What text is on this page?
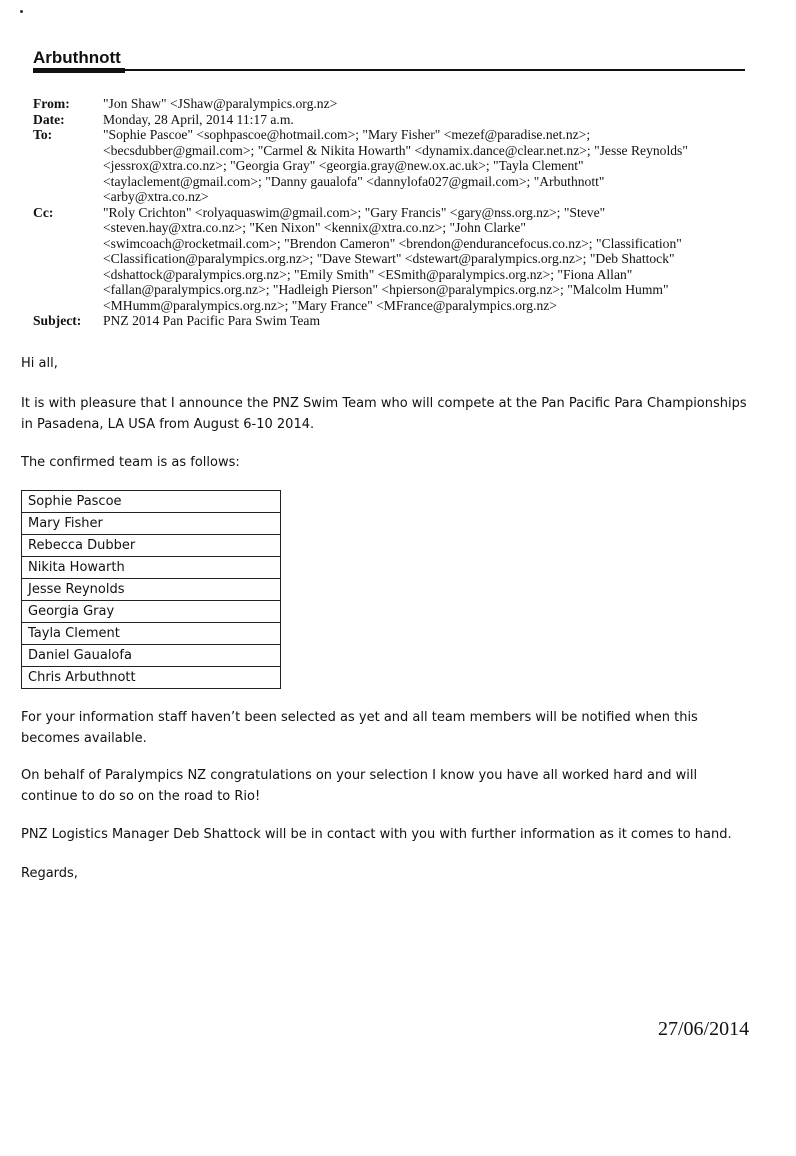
Arbuthnott
From:	"Jon Shaw" <JShaw@paralympics.org.nz>
Date:	Monday, 28 April, 2014 11:17 a.m.
To:	"Sophie Pascoe" <sophpascoe@hotmail.com>; "Mary Fisher" <mezef@paradise.net.nz>;
<becsdubber@gmail.com>; "Carmel & Nikita Howarth" <dynamix.dance@clear.net.nz>; "Jesse Reynolds"
<jessrox@xtra.co.nz>; "Georgia Gray" <georgia.gray@new.ox.ac.uk>; "Tayla Clement"
<taylaclement@gmail.com>; "Danny gaualofa" <dannylofa027@gmail.com>; "Arbuthnott"
<arby@xtra.co.nz>
Cc:	"Roly Crichton" <rolyaquaswim@gmail.com>; "Gary Francis" <gary@nss.org.nz>; "Steve"
<steven.hay@xtra.co.nz>; "Ken Nixon" <kennix@xtra.co.nz>; "John Clarke"
<swimcoach@rocketmail.com>; "Brendon Cameron" <brendon@endurancefocus.co.nz>; "Classification"
<Classification@paralympics.org.nz>; "Dave Stewart" <dstewart@paralympics.org.nz>; "Deb Shattock"
<dshattock@paralympics.org.nz>; "Emily Smith" <ESmith@paralympics.org.nz>; "Fiona Allan"
<fallan@paralympics.org.nz>; "Hadleigh Pierson" <hpierson@paralympics.org.nz>; "Malcolm Humm"
<MHumm@paralympics.org.nz>; "Mary France" <MFrance@paralympics.org.nz>
Subject:	PNZ 2014 Pan Pacific Para Swim Team
Hi all,
It is with pleasure that I announce the PNZ Swim Team who will compete at the Pan Pacific Para Championships
in Pasadena, LA USA from August 6-10 2014.
The confirmed team is as follows:
Sophie Pascoe
Mary Fisher
Rebecca Dubber
Nikita Howarth
Jesse Reynolds
Georgia Gray
Tayla Clement
Daniel Gaualofa
Chris Arbuthnott
For your information staff haven’t been selected as yet and all team members will be notified when this
becomes available.
On behalf of Paralympics NZ congratulations on your selection I know you have all worked hard and will
continue to do so on the road to Rio!
PNZ Logistics Manager Deb Shattock will be in contact with you with further information as it comes to hand.
Regards,
27/06/2014
